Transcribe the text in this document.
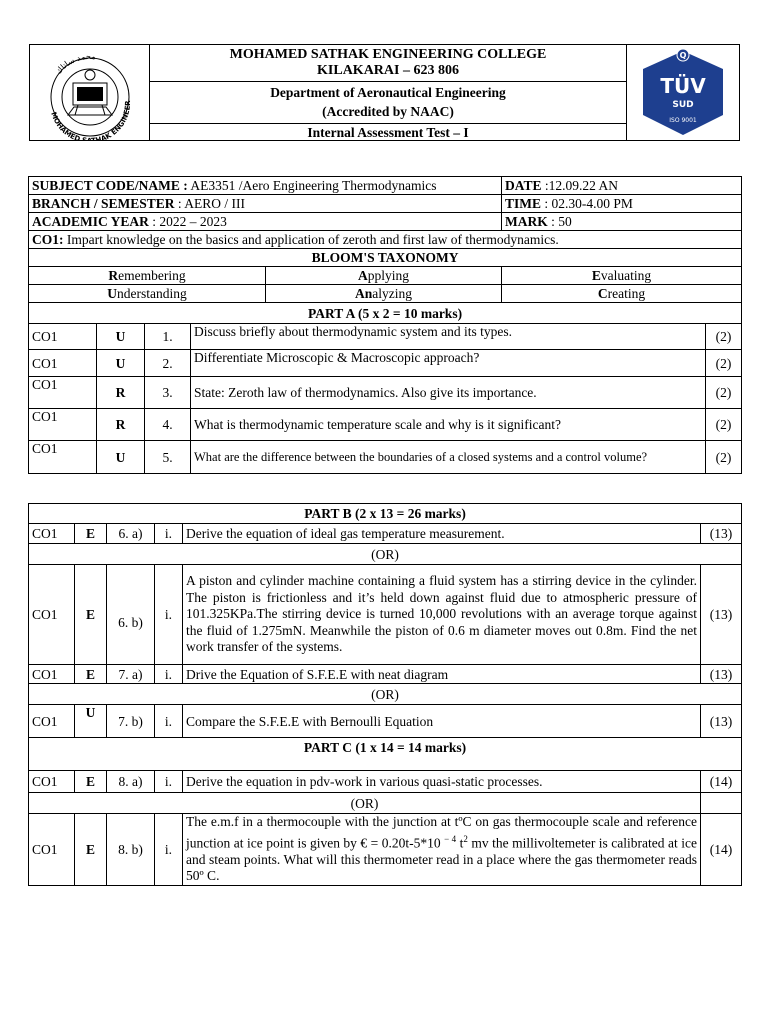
MOHAMED AK ENGINEER
محمد ساتاك	MOHAMED SATHAK ENGINEERING COLLEGE
KILAKARAI – 623 806
Department of Aeronautical Engineering
(Accredited by NAAC)
Internal Assessment Test – I
Q
TÜV
SUD
ISO 9001
SUBJECT CODE/NAME : AE3351 /Aero Engineering Thermodynamics					DATE :12.09.22 AN	
BRANCH / SEMESTER : AERO / III					TIME : 02.30-4.00 PM	
ACADEMIC YEAR : 2022 – 2023					MARK : 50	
CO1: Impart knowledge on the basics and application of zeroth and first law of thermodynamics.						
BLOOM'S TAXONOMY						
Remembering				Applying	Evaluating	
Understanding				Analyzing	Creating	
PART A (5 x 2 = 10 marks)						
CO1	U	1.	Discuss briefly about thermodynamic system and its types.			(2)
CO1	U	2.	Differentiate Microscopic & Macroscopic approach?			(2)
CO1	R	3.	State: Zeroth law of thermodynamics. Also give its importance.			(2)
CO1	R	4.	What is thermodynamic temperature scale and why is it significant?			(2)
CO1	U	5.	What are the difference between the boundaries of a closed systems and a control volume?			(2)
PART B (2 x 13 = 26 marks)					
CO1	E	6. a)	i.	Derive the equation of ideal gas temperature measurement.	(13)
(OR)					
CO1	E	6. b)	i.	A piston and cylinder machine containing a fluid system has a stirring device in the cylinder. The piston is frictionless and it’s held down against fluid due to atmospheric pressure of 101.325KPa.The stirring device is turned 10,000 revolutions with an average torque against the fluid of 1.275mN. Meanwhile the piston of 0.6 m diameter moves out 0.8m. Find the net work transfer of the systems.	(13)
CO1	E	7. a)	i.	Drive the Equation of S.F.E.E with neat diagram	(13)
(OR)					
CO1	U	7. b)	i.	Compare the S.F.E.E with Bernoulli Equation	(13)
PART C (1 x 14 = 14 marks)					
CO1	E	8. a)	i.	Derive the equation in pdv-work in various quasi-static processes.	(14)
(OR)					
CO1	E	8. b)	i.	The e.m.f in a thermocouple with the junction at tºC on gas thermocouple scale and reference junction at ice point is given by € = 0.20t-5*10 $^{- 4}$ $t^2$ mv the millivoltemeter is calibrated at ice and steam points. What will this thermometer read in a place where the gas thermometer reads 50º C.	(14)
